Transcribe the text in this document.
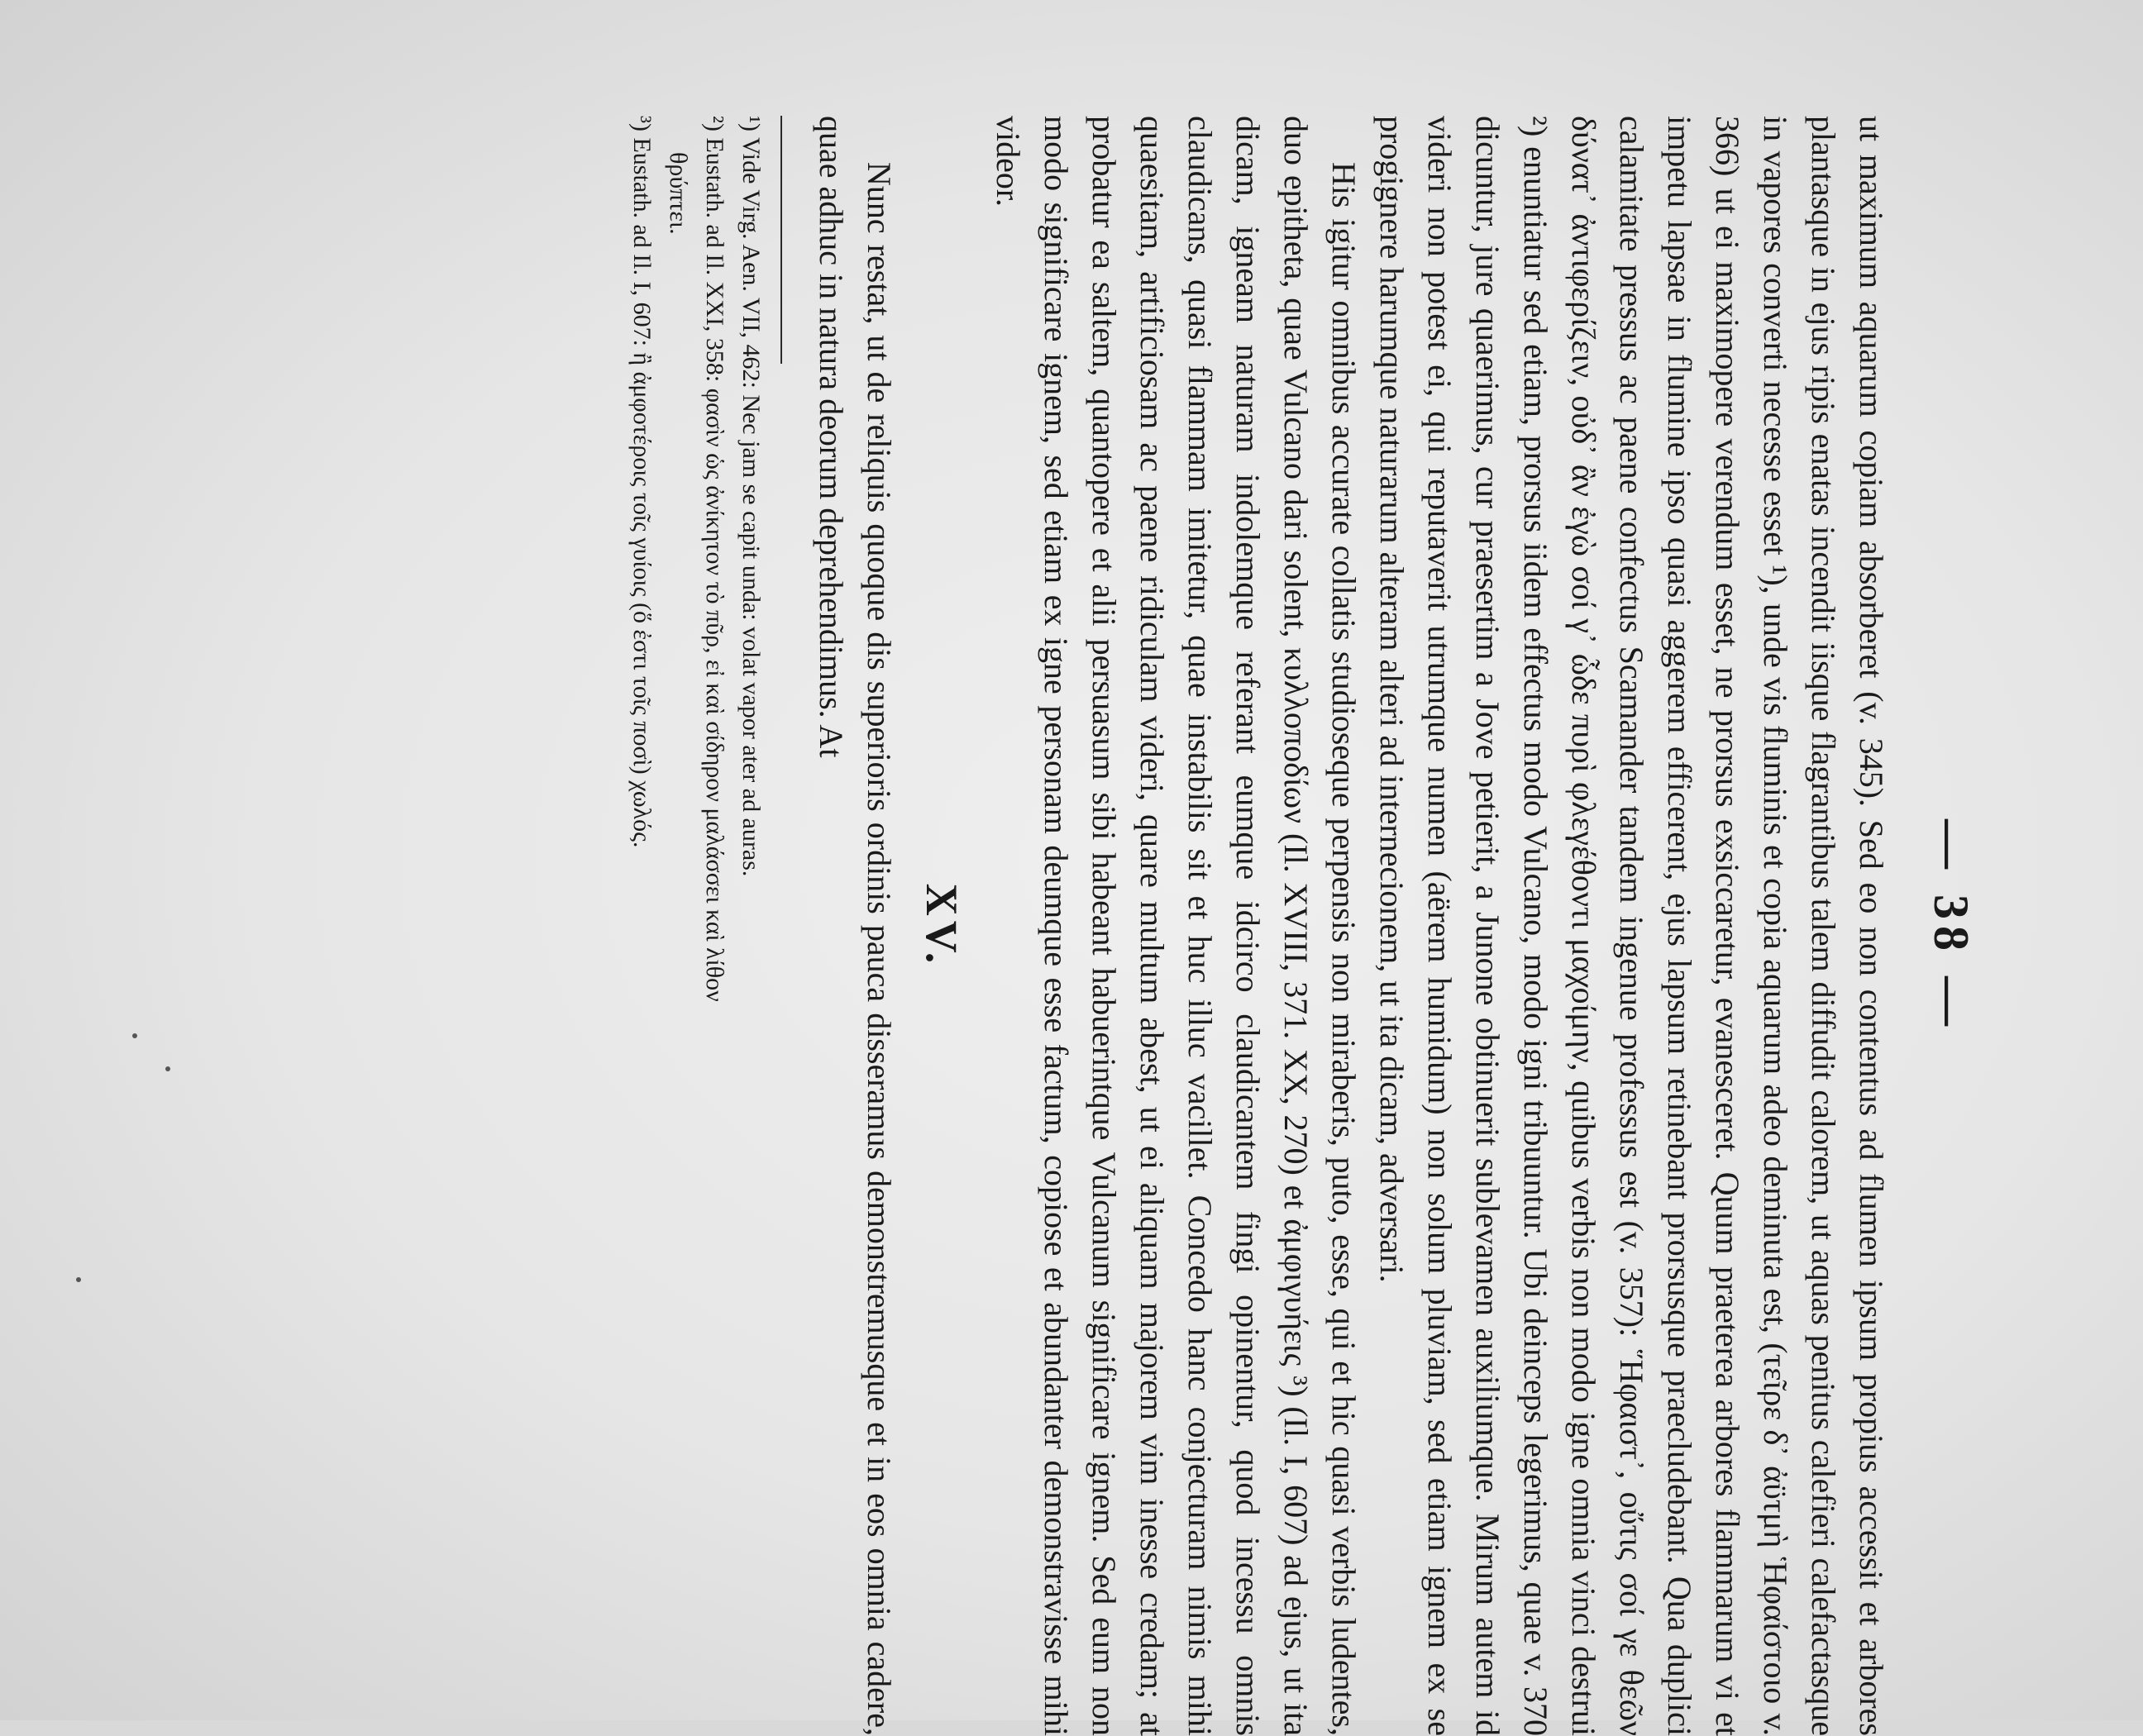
— 38 —

ut maximum aquarum copiam absorberet (v. 345). Sed eo non contentus ad flumen ipsum propius accessit et arbores plantasque in ejus ripis enatas incendit iisque flagrantibus talem diffudit calorem, ut aquas penitus calefieri calefactasque in vapores converti necesse esset ¹), unde vis fluminis et copia aquarum adeo deminuta est, (τεῖρε δ᾽ ἀϋτμὴ Ἡφαίστοιο v. 366) ut ei maximopere verendum esset, ne prorsus exsiccaretur, evanesceret. Quum praeterea arbores flammarum vi et impetu lapsae in flumine ipso quasi aggerem efficerent, ejus lapsum retinebant prorsusque praecludebant. Qua duplici calamitate pressus ac paene confectus Scamander tandem ingenue professus est (v. 357): Ἥφαιστ᾽, οὔτις σοί γε θεῶν δύνατ᾽ ἀντιφερίζειν, οὐδ᾽ ἂν ἐγὼ σοί γ᾽ ὧδε πυρὶ φλεγέθοντι μαχοίμην, quibus verbis non modo igne omnia vinci destrui ²) enuntiatur sed etiam, prorsus iidem effectus modo Vulcano, modo igni tribuuntur. Ubi deinceps legerimus, quae v. 370 dicuntur, jure quaerimus, cur praesertim a Jove petierit, a Junone obtinuerit sublevamen auxiliumque. Mirum autem id videri non potest ei, qui reputaverit utrumque numen (aërem humidum) non solum pluviam, sed etiam ignem ex se progignere harumque naturarum alteram alteri ad internecionem, ut ita dicam, adversari.

His igitur omnibus accurate collatis studioseque perpensis non miraberis, puto, esse, qui et hic quasi verbis ludentes, duo epitheta, quae Vulcano dari solent, κυλλοποδίων (Il. XVIII, 371. XX, 270) et ἀμφιγυήεις ³) (Il. I, 607) ad ejus, ut ita dicam, igneam naturam indolemque referant eumque idcirco claudicantem fingi opinentur, quod incessu omnis claudicans, quasi flammam imitetur, quae instabilis sit et huc illuc vacillet. Concedo hanc conjecturam nimis mihi quaesitam, artificiosam ac paene ridiculam videri, quare multum abest, ut ei aliquam majorem vim inesse credam; at probatur ea saltem, quantopere et alii persuasum sibi habeant habuerintque Vulcanum significare ignem. Sed eum non modo significare ignem, sed etiam ex igne personam deumque esse factum, copiose et abundanter demonstravisse mihi videor.

XV.

Nunc restat, ut de reliquis quoque dis superioris ordinis pauca disseramus demonstremusque et in eos omnia cadere, quae adhuc in natura deorum deprehendimus. At

¹) Vide Virg. Aen. VII, 462: Nec jam se capit unda: volat vapor ater ad auras.

²) Eustath. ad Il. XXI, 358: φασὶν ὡς ἀνίκητον τὸ πῦρ, εἰ καὶ σίδηρον μαλάσσει καὶ λίθον

θρύπτει.

³) Eustath. ad Il. I, 607: ἢ ἀμφοτέροις τοῖς γυίοις (ὅ ἐστι τοῖς ποσὶ) χωλός.
